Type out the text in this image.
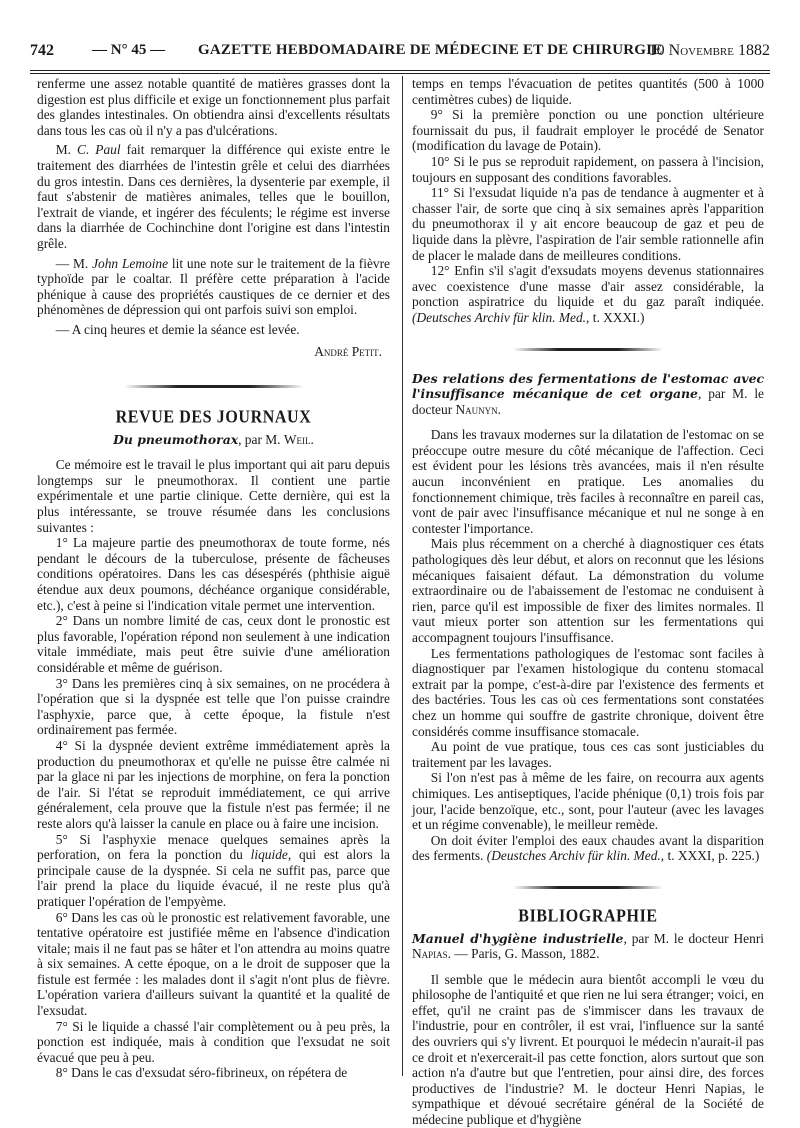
742	— N° 45 — GAZETTE HEBDOMADAIRE DE MÉDECINE ET DE CHIRURGIE
10 Novembre 1882

renferme une assez notable quantité de matières grasses dont la digestion est plus difficile et exige un fonctionnement plus parfait des glandes intestinales. On obtiendra ainsi d'excellents résultats dans tous les cas où il n'y a pas d'ulcérations.

M. C. Paul fait remarquer la différence qui existe entre le traitement des diarrhées de l'intestin grêle et celui des diarrhées du gros intestin. Dans ces dernières, la dysenterie par exemple, il faut s'abstenir de matières animales, telles que le bouillon, l'extrait de viande, et ingérer des féculents; le régime est inverse dans la diarrhée de Cochinchine dont l'origine est dans l'intestin grêle.

— M. John Lemoine lit une note sur le traitement de la fièvre typhoïde par le coaltar. Il préfère cette préparation à l'acide phénique à cause des propriétés caustiques de ce dernier et des phénomènes de dépression qui ont parfois suivi son emploi.

— A cinq heures et demie la séance est levée.

André Petit.

REVUE DES JOURNAUX

Du pneumothorax, par M. Weil.

Ce mémoire est le travail le plus important qui ait paru depuis longtemps sur le pneumothorax. Il contient une partie expérimentale et une partie clinique. Cette dernière, qui est la plus intéressante, se trouve résumée dans les conclusions suivantes :

1° La majeure partie des pneumothorax de toute forme, nés pendant le décours de la tuberculose, présente de fâcheuses conditions opératoires. Dans les cas désespérés (phthisie aiguë étendue aux deux poumons, déchéance organique considérable, etc.), c'est à peine si l'indication vitale permet une intervention.

2° Dans un nombre limité de cas, ceux dont le pronostic est plus favorable, l'opération répond non seulement à une indication vitale immédiate, mais peut être suivie d'une amélioration considérable et même de guérison.

3° Dans les premières cinq à six semaines, on ne procédera à l'opération que si la dyspnée est telle que l'on puisse craindre l'asphyxie, parce que, à cette époque, la fistule n'est ordinairement pas fermée.

4° Si la dyspnée devient extrême immédiatement après la production du pneumothorax et qu'elle ne puisse être calmée ni par la glace ni par les injections de morphine, on fera la ponction de l'air. Si l'état se reproduit immédiatement, ce qui arrive généralement, cela prouve que la fistule n'est pas fermée; il ne reste alors qu'à laisser la canule en place ou à faire une incision.

5° Si l'asphyxie menace quelques semaines après la perforation, on fera la ponction du liquide, qui est alors la principale cause de la dyspnée. Si cela ne suffit pas, parce que l'air prend la place du liquide évacué, il ne reste plus qu'à pratiquer l'opération de l'empyème.

6° Dans les cas où le pronostic est relativement favorable, une tentative opératoire est justifiée même en l'absence d'indication vitale; mais il ne faut pas se hâter et l'on attendra au moins quatre à six semaines. A cette époque, on a le droit de supposer que la fistule est fermée : les malades dont il s'agit n'ont plus de fièvre. L'opération variera d'ailleurs suivant la quantité et la qualité de l'exsudat.

7° Si le liquide a chassé l'air complètement ou à peu près, la ponction est indiquée, mais à condition que l'exsudat ne soit évacué que peu à peu.

8° Dans le cas d'exsudat séro-fibrineux, on répétera de

temps en temps l'évacuation de petites quantités (500 à 1000 centimètres cubes) de liquide.

9° Si la première ponction ou une ponction ultérieure fournissait du pus, il faudrait employer le procédé de Senator (modification du lavage de Potain).

10° Si le pus se reproduit rapidement, on passera à l'incision, toujours en supposant des conditions favorables.

11° Si l'exsudat liquide n'a pas de tendance à augmenter et à chasser l'air, de sorte que cinq à six semaines après l'apparition du pneumothorax il y ait encore beaucoup de gaz et peu de liquide dans la plèvre, l'aspiration de l'air semble rationnelle afin de placer le malade dans de meilleures conditions.

12° Enfin s'il s'agit d'exsudats moyens devenus stationnaires avec coexistence d'une masse d'air assez considérable, la ponction aspiratrice du liquide et du gaz paraît indiquée. (Deutsches Archiv für klin. Med., t. XXXI.)

Des relations des fermentations de l'estomac avec l'insuffisance mécanique de cet organe, par M. le docteur Naunyn.

Dans les travaux modernes sur la dilatation de l'estomac on se préoccupe outre mesure du côté mécanique de l'affection. Ceci est évident pour les lésions très avancées, mais il n'en résulte aucun inconvénient en pratique. Les anomalies du fonctionnement chimique, très faciles à reconnaître en pareil cas, vont de pair avec l'insuffisance mécanique et nul ne songe à en contester l'importance.

Mais plus récemment on a cherché à diagnostiquer ces états pathologiques dès leur début, et alors on reconnut que les lésions mécaniques faisaient défaut. La démonstration du volume extraordinaire ou de l'abaissement de l'estomac ne conduisent à rien, parce qu'il est impossible de fixer des limites normales. Il vaut mieux porter son attention sur les fermentations qui accompagnent toujours l'insuffisance.

Les fermentations pathologiques de l'estomac sont faciles à diagnostiquer par l'examen histologique du contenu stomacal extrait par la pompe, c'est-à-dire par l'existence des ferments et des bactéries. Tous les cas où ces fermentations sont constatées chez un homme qui souffre de gastrite chronique, doivent être considérés comme insuffisance stomacale.

Au point de vue pratique, tous ces cas sont justiciables du traitement par les lavages.

Si l'on n'est pas à même de les faire, on recourra aux agents chimiques. Les antiseptiques, l'acide phénique (0,1) trois fois par jour, l'acide benzoïque, etc., sont, pour l'auteur (avec les lavages et un régime convenable), le meilleur remède.

On doit éviter l'emploi des eaux chaudes avant la disparition des ferments. (Deustches Archiv für klin. Med., t. XXXI, p. 225.)

BIBLIOGRAPHIE

Manuel d'hygiène industrielle, par M. le docteur Henri Napias. — Paris, G. Masson, 1882.

Il semble que le médecin aura bientôt accompli le vœu du philosophe de l'antiquité et que rien ne lui sera étranger; voici, en effet, qu'il ne craint pas de s'immiscer dans les travaux de l'industrie, pour en contrôler, il est vrai, l'influence sur la santé des ouvriers qui s'y livrent. Et pourquoi le médecin n'aurait-il pas ce droit et n'exercerait-il pas cette fonction, alors surtout que son action n'a d'autre but que l'entretien, pour ainsi dire, des forces productives de l'industrie? M. le docteur Henri Napias, le sympathique et dévoué secrétaire général de la Société de médecine publique et d'hygiène
